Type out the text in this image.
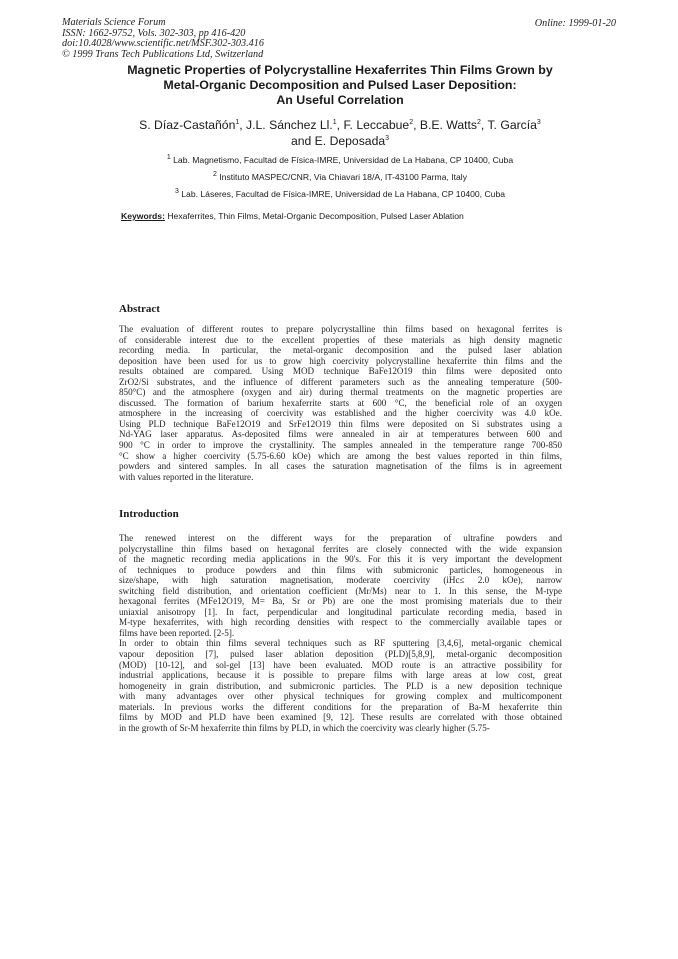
Materials Science Forum
ISSN: 1662-9752, Vols. 302-303, pp 416-420
doi:10.4028/www.scientific.net/MSF.302-303.416
© 1999 Trans Tech Publications Ltd, Switzerland
Online: 1999-01-20
Magnetic Properties of Polycrystalline Hexaferrites Thin Films Grown by
Metal-Organic Decomposition and Pulsed Laser Deposition:
An Useful Correlation
S. Díaz-Castañón$^1$, J.L. Sánchez Ll.$^1$, F. Leccabue$^2$, B.E. Watts$^2$, T. García$^3$
and E. Deposada$^3$
$^1$ Lab. Magnetismo, Facultad de Física-IMRE, Universidad de La Habana, CP 10400, Cuba
$^2$ Instituto MASPEC/CNR, Via Chiavari 18/A, IT-43100 Parma, Italy
$^3$ Lab. Láseres, Facultad de Física-IMRE, Universidad de La Habana, CP 10400, Cuba
Keywords: Hexaferrites, Thin Films, Metal-Organic Decomposition, Pulsed Laser Ablation
Abstract
The evaluation of different routes to prepare polycrystalline thin films based on hexagonal ferrites is
of considerable interest due to the excellent properties of these materials as high density magnetic
recording media. In particular, the metal-organic decomposition and the pulsed laser ablation
deposition have been used for us to grow high coercivity polycrystalline hexaferrite thin films and the
results obtained are compared. Using MOD technique BaFe12O19 thin films were deposited onto
ZrO2/Si substrates, and the influence of different parameters such as the annealing temperature (500-
850°C) and the atmosphere (oxygen and air) during thermal treatments on the magnetic properties are
discussed. The formation of barium hexaferrite starts at 600 °C, the beneficial role of an oxygen
atmosphere in the increasing of coercivity was established and the higher coercivity was 4.0 kOe.
Using PLD technique BaFe12O19 and SrFe12O19 thin films were deposited on Si substrates using a
Nd-YAG laser apparatus. As-deposited films were annealed in air at temperatures between 600 and
900 °C in order to improve the crystallinity. The samples annealed in the temperature range 700-850
°C show a higher coercivity (5.75-6.60 kOe) which are among the best values reported in thin films,
powders and sintered samples. In all cases the saturation magnetisation of the films is in agreement
with values reported in the literature.
Introduction
The renewed interest on the different ways for the preparation of ultrafine powders and
polycrystalline thin films based on hexagonal ferrites are closely connected with the wide expansion
of the magnetic recording media applications in the 90's. For this it is very important the development
of techniques to produce powders and thin films with submicronic particles, homogeneous in
size/shape, with high saturation magnetisation, moderate coercivity (iHc≤ 2.0 kOe), narrow
switching field distribution, and orientation coefficient (Mr/Ms) near to 1. In this sense, the M-type
hexagonal ferrites (MFe12O19, M= Ba, Sr or Pb) are one the most promising materials due to their
uniaxial anisotropy [1]. In fact, perpendicular and longitudinal particulate recording media, based in
M-type hexaferrites, with high recording densities with respect to the commercially available tapes or
films have been reported. [2-5].
In order to obtain thin films several techniques such as RF sputtering [3,4,6], metal-organic chemical
vapour deposition [7], pulsed laser ablation deposition (PLD)[5,8,9], metal-organic decomposition
(MOD) [10-12], and sol-gel [13] have been evaluated. MOD route is an attractive possibility for
industrial applications, because it is possible to prepare films with large areas at low cost, great
homogeneity in grain distribution, and submicronic particles. The PLD is a new deposition technique
with many advantages over other physical techniques for growing complex and multicomponent
materials. In previous works the different conditions for the preparation of Ba-M hexaferrite thin
films by MOD and PLD have been examined [9, 12]. These results are correlated with those obtained
in the growth of Sr-M hexaferrite thin films by PLD, in which the coercivity was clearly higher (5.75-
